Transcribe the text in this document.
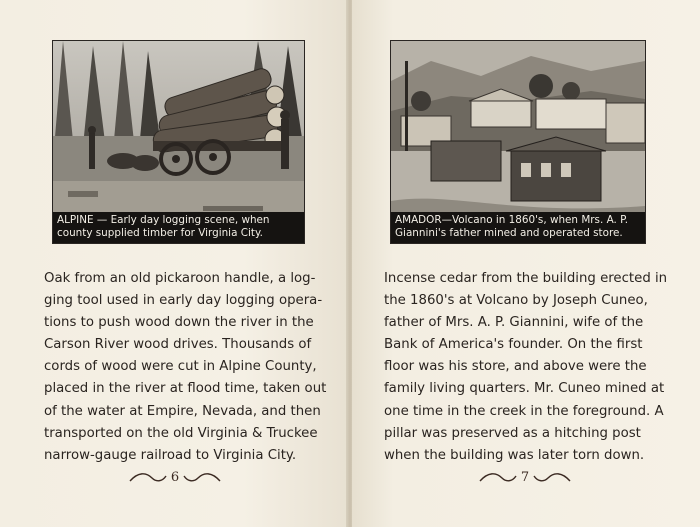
ALPINE — Early day logging scene, when county supplied timber for Virginia City.

Oak from an old pickaroon handle, a log-
ging tool used in early day logging opera-
tions to push wood down the river in the
Carson River wood drives. Thousands of
cords of wood were cut in Alpine County,
placed in the river at flood time, taken out
of the water at Empire, Nevada, and then
transported on the old Virginia & Truckee
narrow-gauge railroad to Virginia City.

6
AMADOR—Volcano in 1860's, when Mrs. A. P. Giannini's father mined and operated store.

Incense cedar from the building erected in
the 1860's at Volcano by Joseph Cuneo,
father of Mrs. A. P. Giannini, wife of the
Bank of America's founder. On the first
floor was his store, and above were the
family living quarters. Mr. Cuneo mined at
one time in the creek in the foreground. A
pillar was preserved as a hitching post
when the building was later torn down.

7
